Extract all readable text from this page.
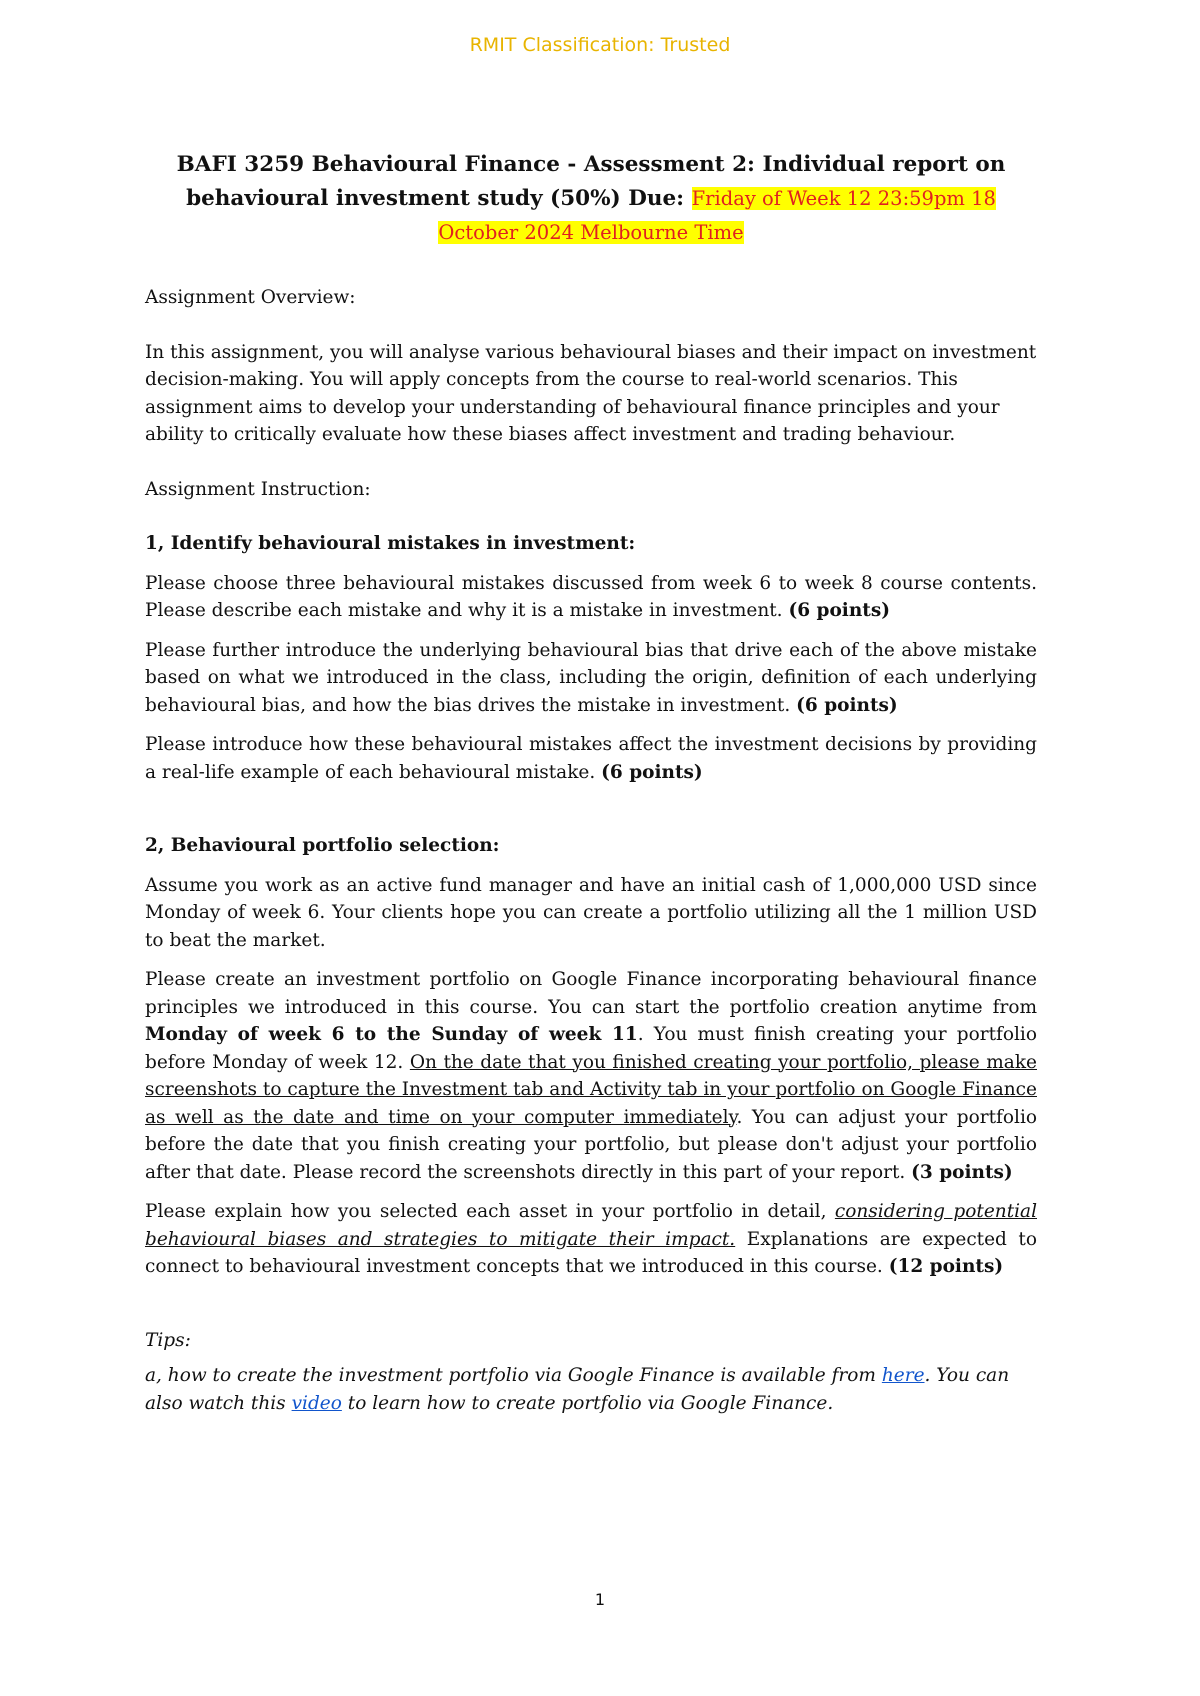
RMIT Classification: Trusted
BAFI 3259 Behavioural Finance - Assessment 2: Individual report on behavioural investment study (50%) Due: Friday of Week 12 23:59pm 18 October 2024 Melbourne Time

Assignment Overview:

In this assignment, you will analyse various behavioural biases and their impact on investment decision-making. You will apply concepts from the course to real-world scenarios. This assignment aims to develop your understanding of behavioural finance principles and your ability to critically evaluate how these biases affect investment and trading behaviour.

Assignment Instruction:

1, Identify behavioural mistakes in investment:

Please choose three behavioural mistakes discussed from week 6 to week 8 course contents. Please describe each mistake and why it is a mistake in investment. (6 points)

Please further introduce the underlying behavioural bias that drive each of the above mistake based on what we introduced in the class, including the origin, definition of each underlying behavioural bias, and how the bias drives the mistake in investment. (6 points)

Please introduce how these behavioural mistakes affect the investment decisions by providing a real-life example of each behavioural mistake. (6 points)

2, Behavioural portfolio selection:

Assume you work as an active fund manager and have an initial cash of 1,000,000 USD since Monday of week 6. Your clients hope you can create a portfolio utilizing all the 1 million USD to beat the market.

Please create an investment portfolio on Google Finance incorporating behavioural finance principles we introduced in this course. You can start the portfolio creation anytime from Monday of week 6 to the Sunday of week 11. You must finish creating your portfolio before Monday of week 12. On the date that you finished creating your portfolio, please make screenshots to capture the Investment tab and Activity tab in your portfolio on Google Finance as well as the date and time on your computer immediately. You can adjust your portfolio before the date that you finish creating your portfolio, but please don't adjust your portfolio after that date. Please record the screenshots directly in this part of your report. (3 points)

Please explain how you selected each asset in your portfolio in detail, considering potential behavioural biases and strategies to mitigate their impact. Explanations are expected to connect to behavioural investment concepts that we introduced in this course. (12 points)

Tips:

a, how to create the investment portfolio via Google Finance is available from here. You can also watch this video to learn how to create portfolio via Google Finance.

1
